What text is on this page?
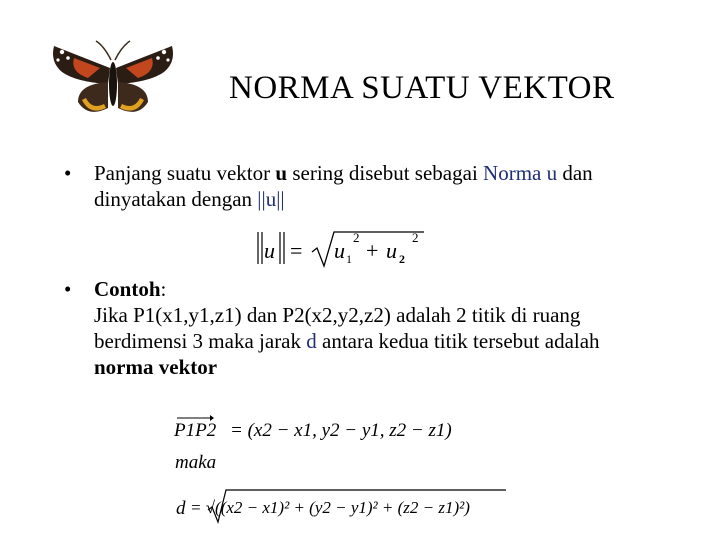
NORMA SUATU VEKTOR
• Panjang suatu vektor u sering disebut sebagai Norma u dan
dinyatakan dengan ||u||
u = u 1
2
+ u 2
2
• Contoh:
Jika P1(x1,y1,z1) dan P2(x2,y2,z2) adalah 2 titik di ruang
berdimensi 3 maka jarak d antara kedua titik tersebut adalah
norma vektor
P1P2 = (x2 − x1, y2 − y1, z2 − z1)
maka
d = √((x2 − x1)² + (y2 − y1)² + (z2 − z1)²)
